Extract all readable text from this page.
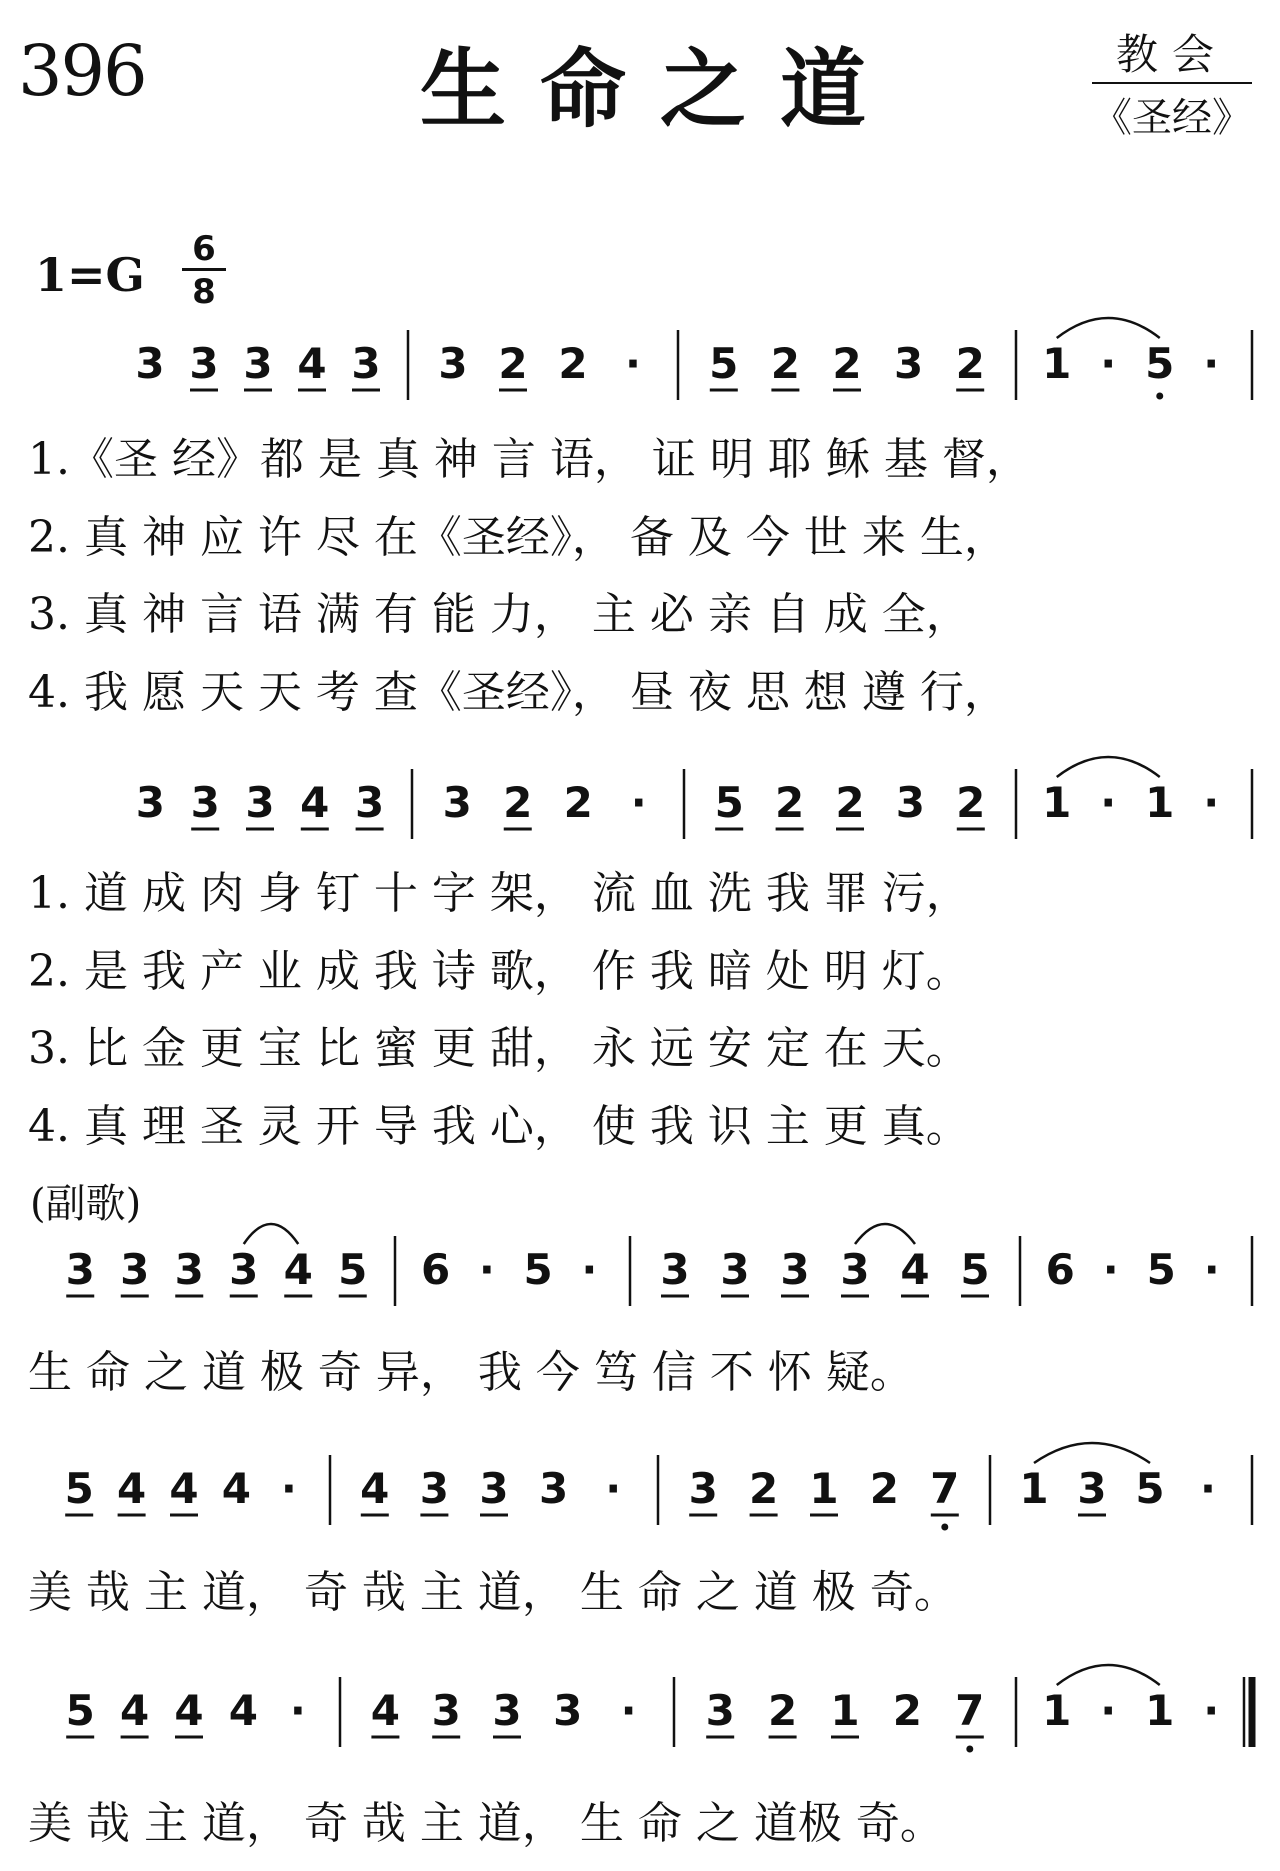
396	生命之道	教会
《圣经》
$1=G \frac{6}{8}$
3 3 3 4 3 3 2 2 · 5 2 2 3 2 1 · 5 ·
3 3 3 4 3 3 2 2 · 5 2 2 3 2 1 · 1 ·
3 3 3 3 4 5 6 · 5 · 3 3 3 3 4 5 6 · 5 ·
5 4 4 4 · 4 3 3 3 · 3 2 1 2 7 1 3 5 ·
5 4 4 4 · 4 3 3 3 · 3 2 1 2 7 1 · 1 ·
1.《圣 经》都 是 真 神 言 语， 证 明 耶 稣 基 督，
2. 真 神 应 许 尽 在《圣经》， 备 及 今 世 来 生，
3. 真 神 言 语 满 有 能 力， 主 必 亲 自 成 全，
4. 我 愿 天 天 考 查《圣经》， 昼 夜 思 想 遵 行，
1. 道 成 肉 身 钉 十 字 架， 流 血 洗 我 罪 污，
2. 是 我 产 业 成 我 诗 歌， 作 我 暗 处 明 灯。
3. 比 金 更 宝 比 蜜 更 甜， 永 远 安 定 在 天。
4. 真 理 圣 灵 开 导 我 心， 使 我 识 主 更 真。
(副歌)
生 命 之 道 极 奇 异， 我 今 笃 信 不 怀 疑。
美 哉 主 道， 奇 哉 主 道， 生 命 之 道 极 奇。
美 哉 主 道， 奇 哉 主 道， 生 命 之 道极 奇。
